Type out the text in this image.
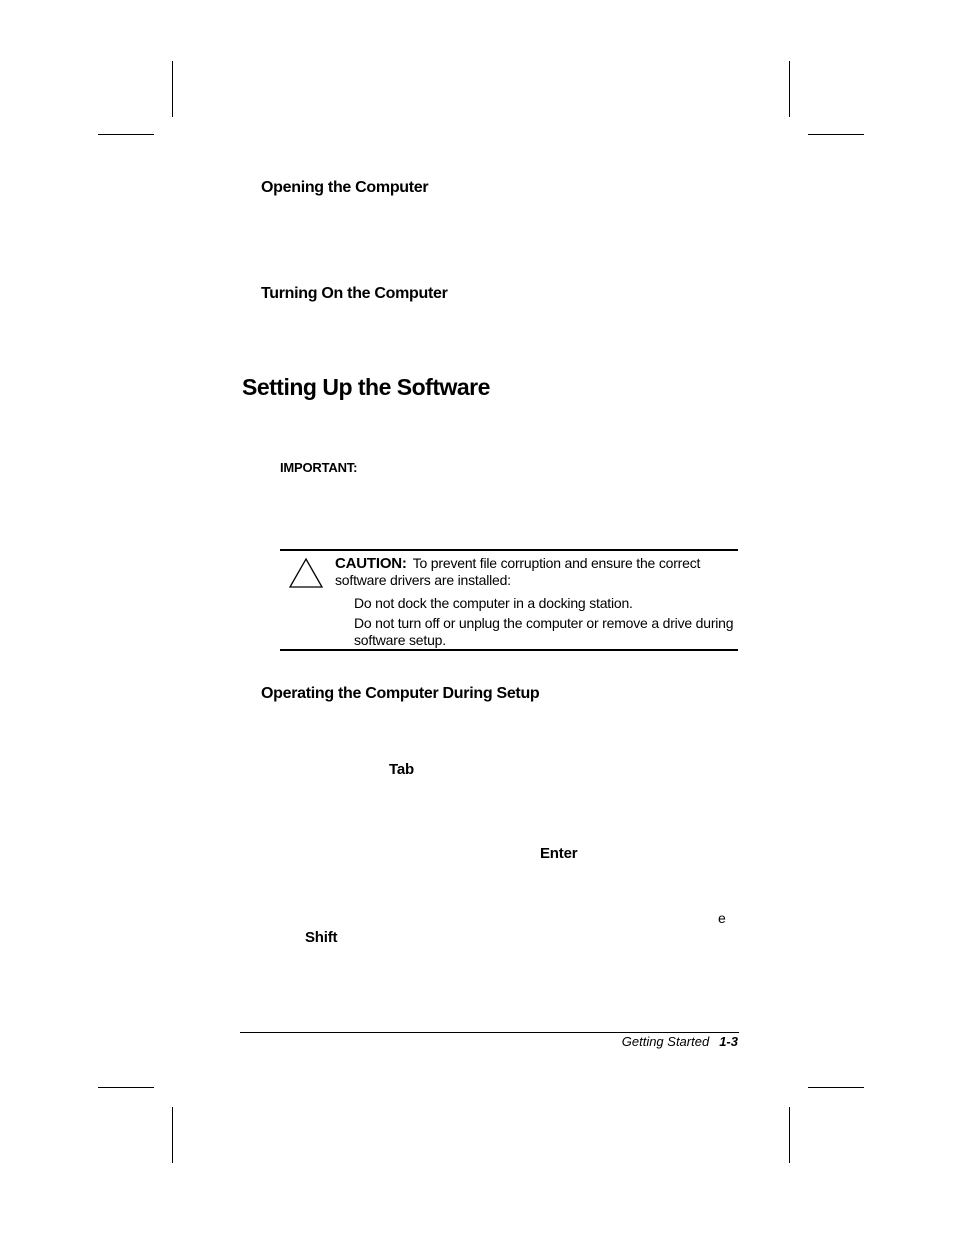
Opening the Computer
Turning On the Computer
Setting Up the Software
IMPORTANT:
CAUTION: To prevent file corruption and ensure the correct software drivers are installed:
Do not dock the computer in a docking station.
Do not turn off or unplug the computer or remove a drive during software setup.
Operating the Computer During Setup
Tab
Enter
e
Shift
Getting Started 1-3
